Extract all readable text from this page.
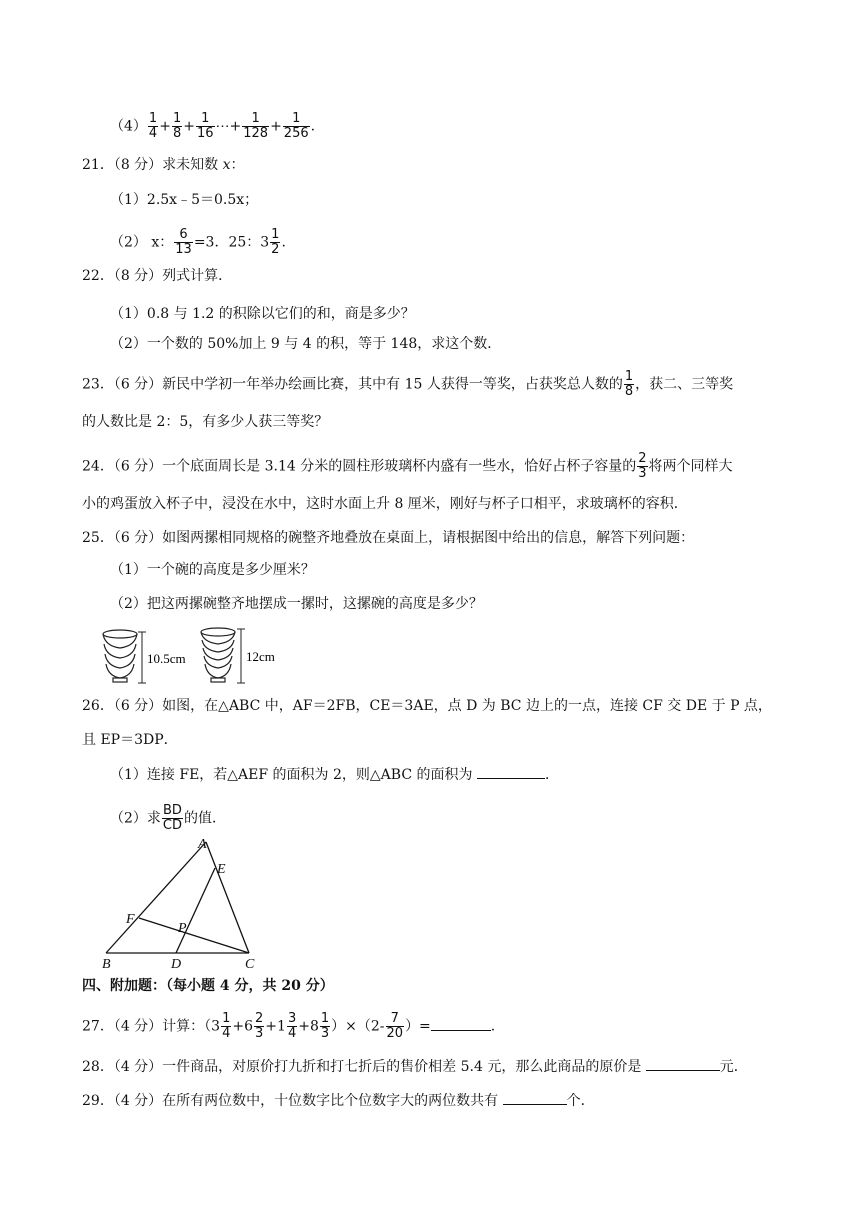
$(4) \frac{1}{4} + \frac{1}{8} + \frac{1}{16}$ ⋯+ $\frac{1}{128} + \frac{1}{256}$ .
21．（8 分）求未知数 x：
（1）2.5x﹣5＝0.5x；
（2） x： $\frac{6}{13} =3$．25：$3 \frac{1}{2}$ .
22．（8 分）列式计算．
（1）0.8 与 1.2 的积除以它们的和，商是多少？
（2）一个数的 50%加上 9 与 4 的积，等于 148，求这个数．
23．（6 分）新民中学初一年举办绘画比赛，其中有 15 人获得一等奖，占获奖总人数的 $\frac{1}{8}$ ，获二、三等奖
的人数比是 2：5，有多少人获三等奖？
24．（6 分）一个底面周长是 3.14 分米的圆柱形玻璃杯内盛有一些水，恰好占杯子容量的 $\frac{2}{3}$ 将两个同样大
小的鸡蛋放入杯子中，浸没在水中，这时水面上升 8 厘米，刚好与杯子口相平，求玻璃杯的容积．
25．（6 分）如图两摞相同规格的碗整齐地叠放在桌面上，请根据图中给出的信息，解答下列问题：
（1）一个碗的高度是多少厘米？
（2）把这两摞碗整齐地摆成一摞时，这摞碗的高度是多少？
10.5cm	12cm
26．（6 分）如图，在△ABC 中，AF＝2FB，CE＝3AE，点 D 为 BC 边上的一点，连接 CF 交 DE 于 P 点，
且 EP＝3DP．
（1）连接 FE，若△AEF 的面积为 2，则△ABC 的面积为	．
（2）求 $\frac{BD}{CD}$ 的值．
A
E
F
P
B	D	C
四、附加题：（每小题 4 分，共 20 分）
27．（4 分）计算：$(3 \frac{1}{4} +6 \frac{2}{3} +1 \frac{3}{4} +8 \frac{1}{3} )\times(2- \frac{7}{20}$ ）=	.
28．（4 分）一件商品，对原价打九折和打七折后的售价相差 5.4 元，那么此商品的原价是	元．
29．（4 分）在所有两位数中，十位数字比个位数字大的两位数共有	个．
